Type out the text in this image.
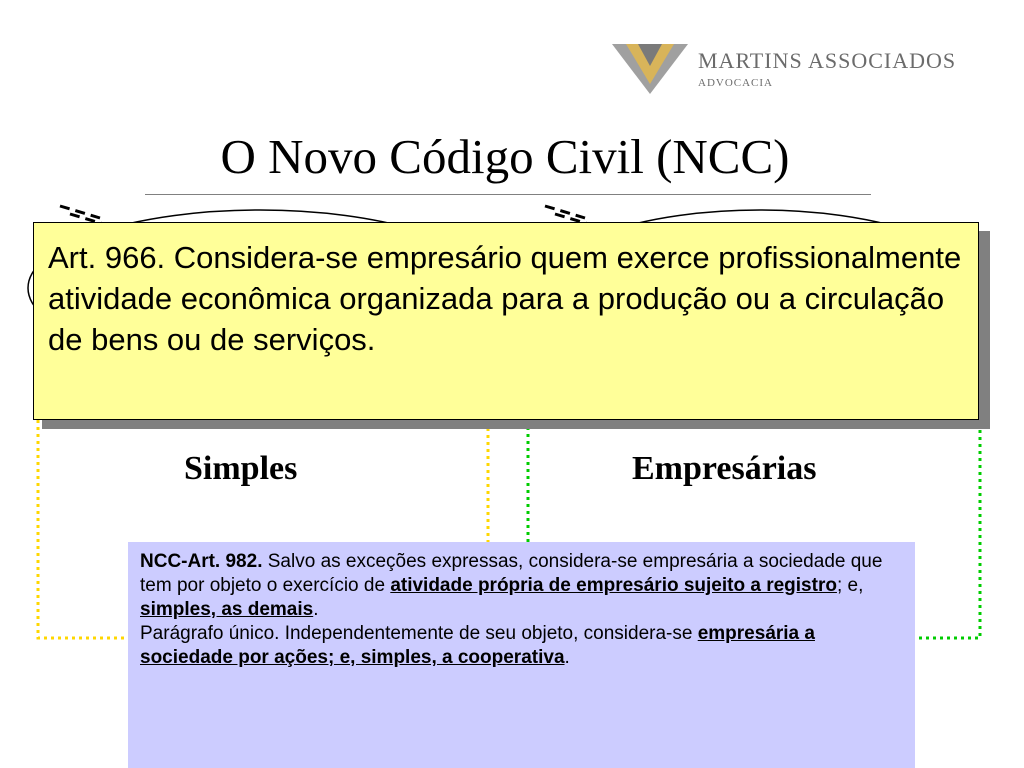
MARTINS ASSOCIADOS
ADVOCACIA
O Novo Código Civil (NCC)
Simples	Empresárias
Art. 966. Considera-se empresário quem exerce profissionalmente atividade econômica organizada para a produção ou a circulação de bens ou de serviços.
NCC-Art. 982. Salvo as exceções expressas, considera-se empresária a sociedade que tem por objeto o exercício de atividade própria de empresário sujeito a registro; e, simples, as demais.
Parágrafo único. Independentemente de seu objeto, considera-se empresária a sociedade por ações; e, simples, a cooperativa.
